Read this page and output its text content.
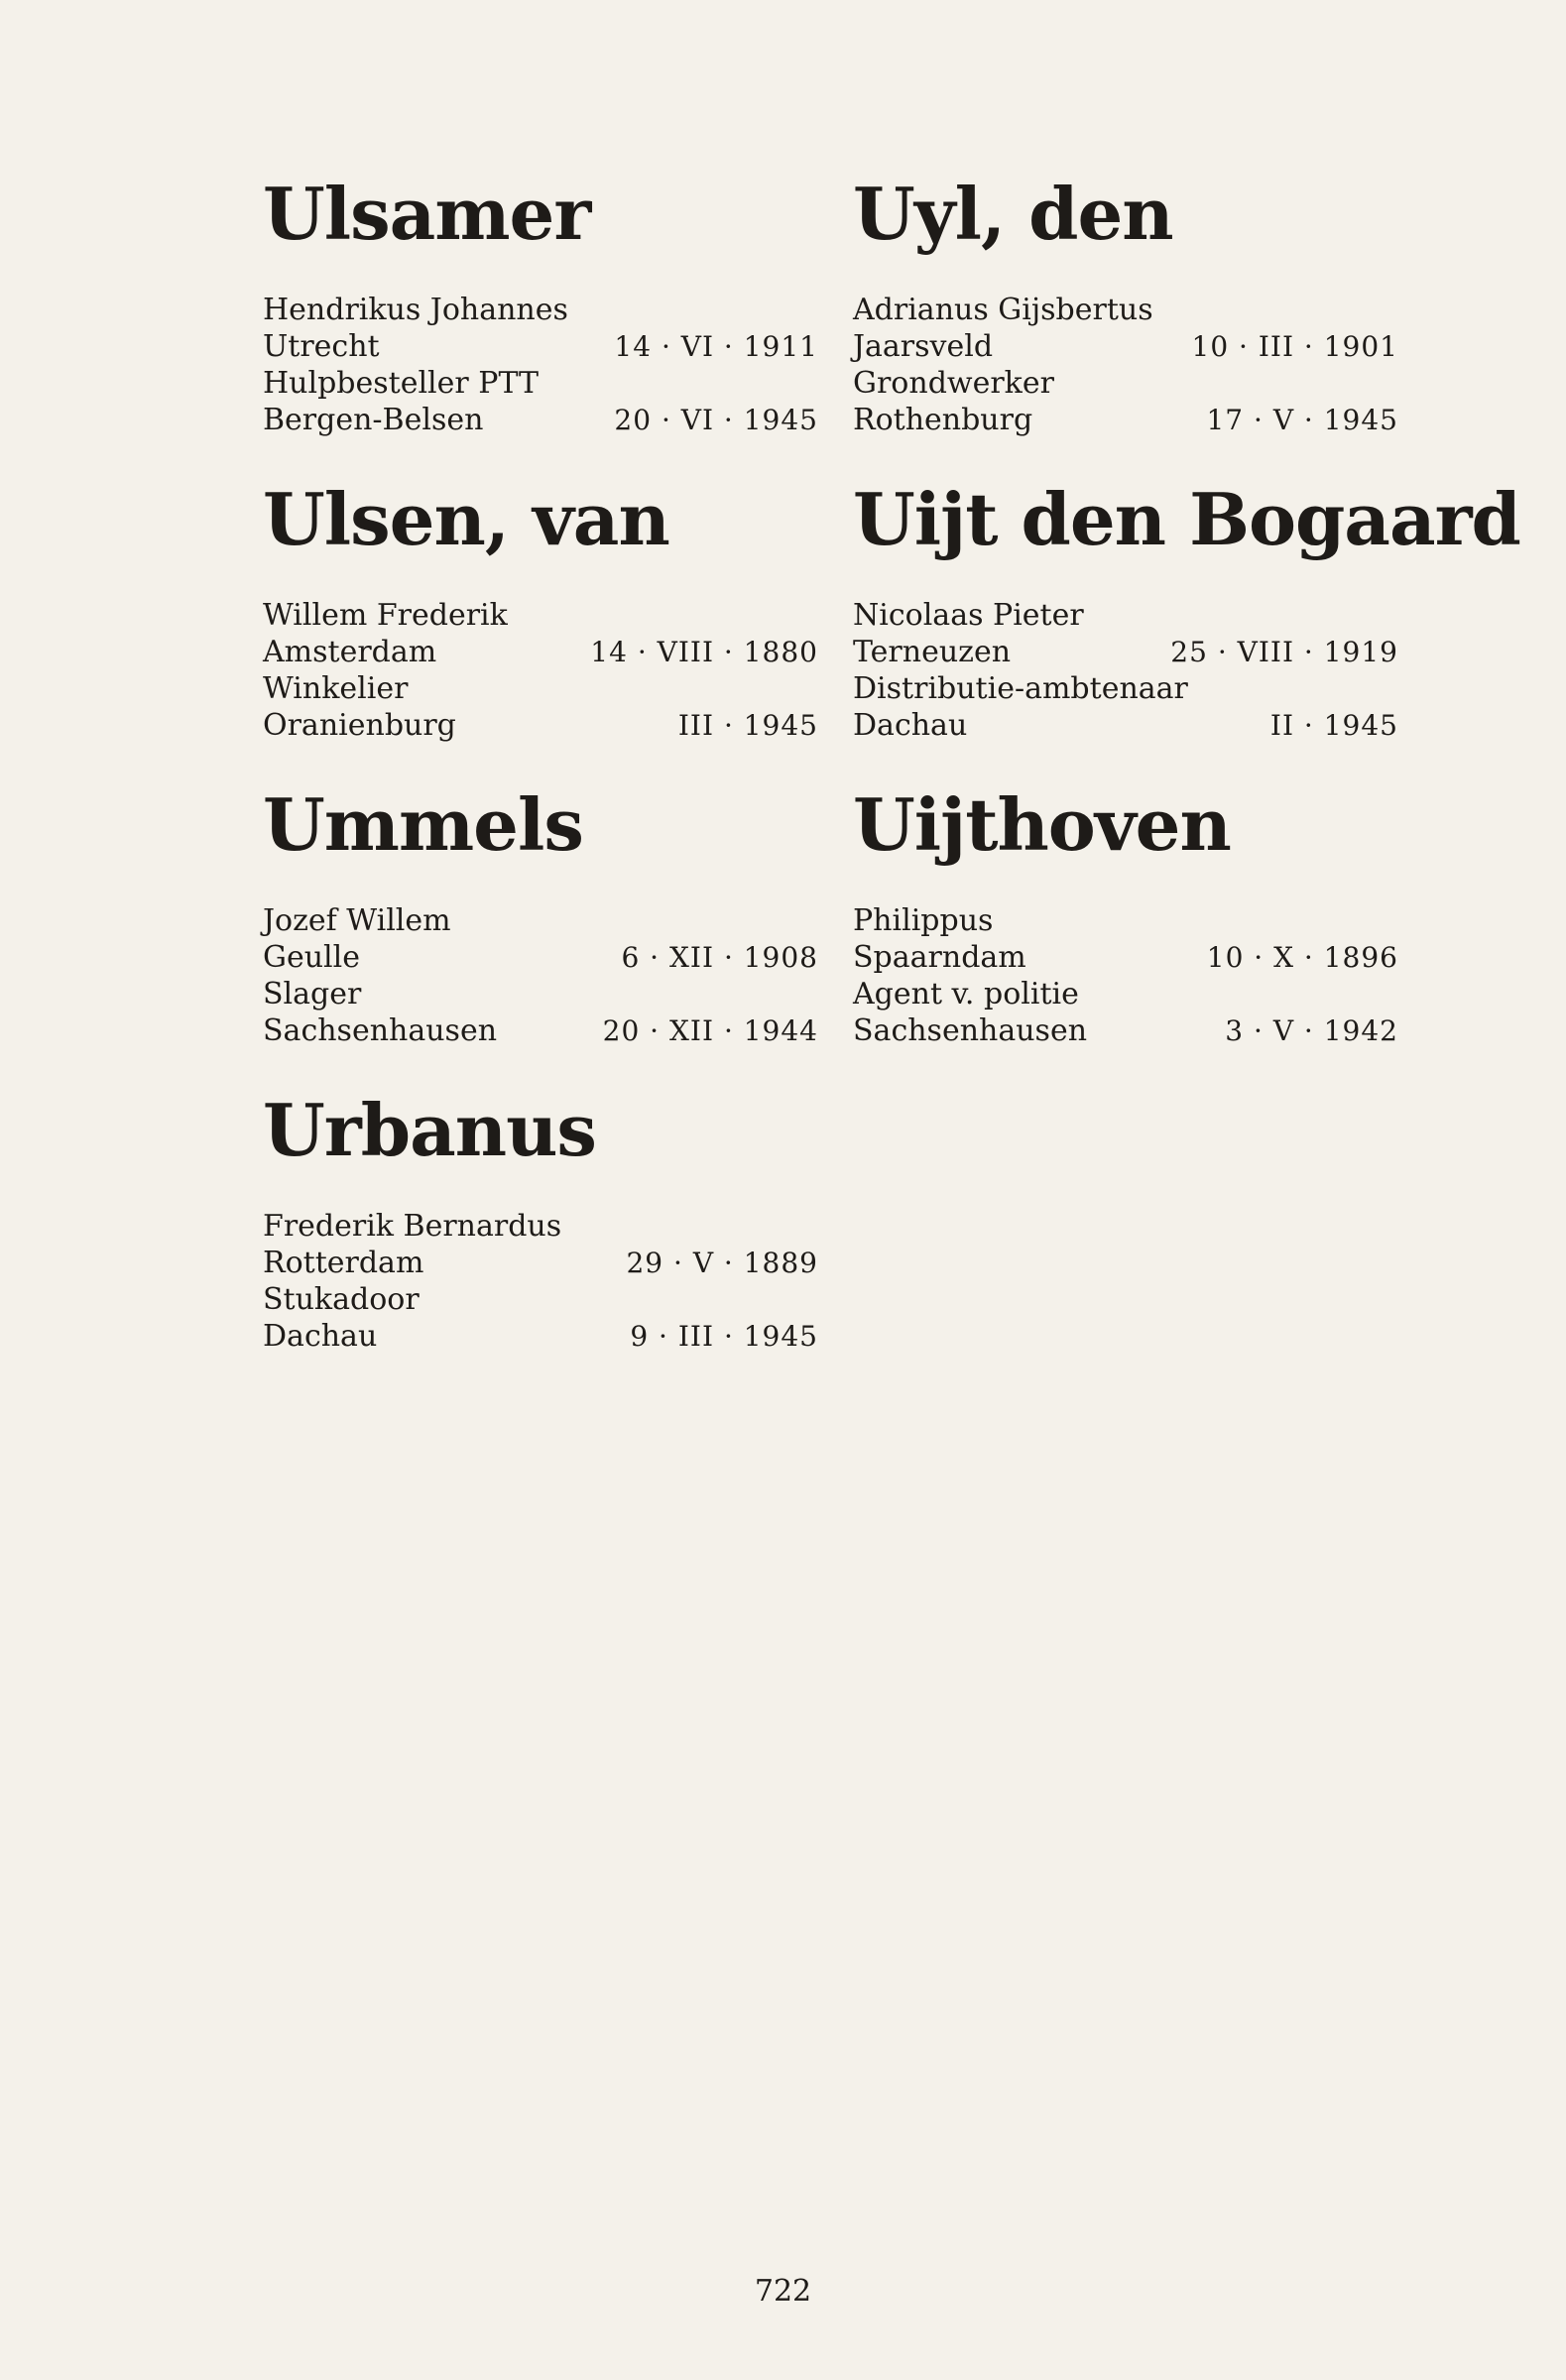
Ulsamer
Hendrikus Johannes
Utrecht	14 · VI · 1911
Hulpbesteller PTT
Bergen-Belsen	20 · VI · 1945
Ulsen, van
Willem Frederik
Amsterdam	14 · VIII · 1880
Winkelier
Oranienburg	III · 1945
Ummels
Jozef Willem
Geulle	6 · XII · 1908
Slager
Sachsenhausen	20 · XII · 1944
Urbanus
Frederik Bernardus
Rotterdam	29 · V · 1889
Stukadoor
Dachau	9 · III · 1945
Uyl, den
Adrianus Gijsbertus
Jaarsveld	10 · III · 1901
Grondwerker
Rothenburg	17 · V · 1945
Uijt den Bogaard
Nicolaas Pieter
Terneuzen	25 · VIII · 1919
Distributie-ambtenaar
Dachau	II · 1945
Uijthoven
Philippus
Spaarndam	10 · X · 1896
Agent v. politie
Sachsenhausen	3 · V · 1942
722
